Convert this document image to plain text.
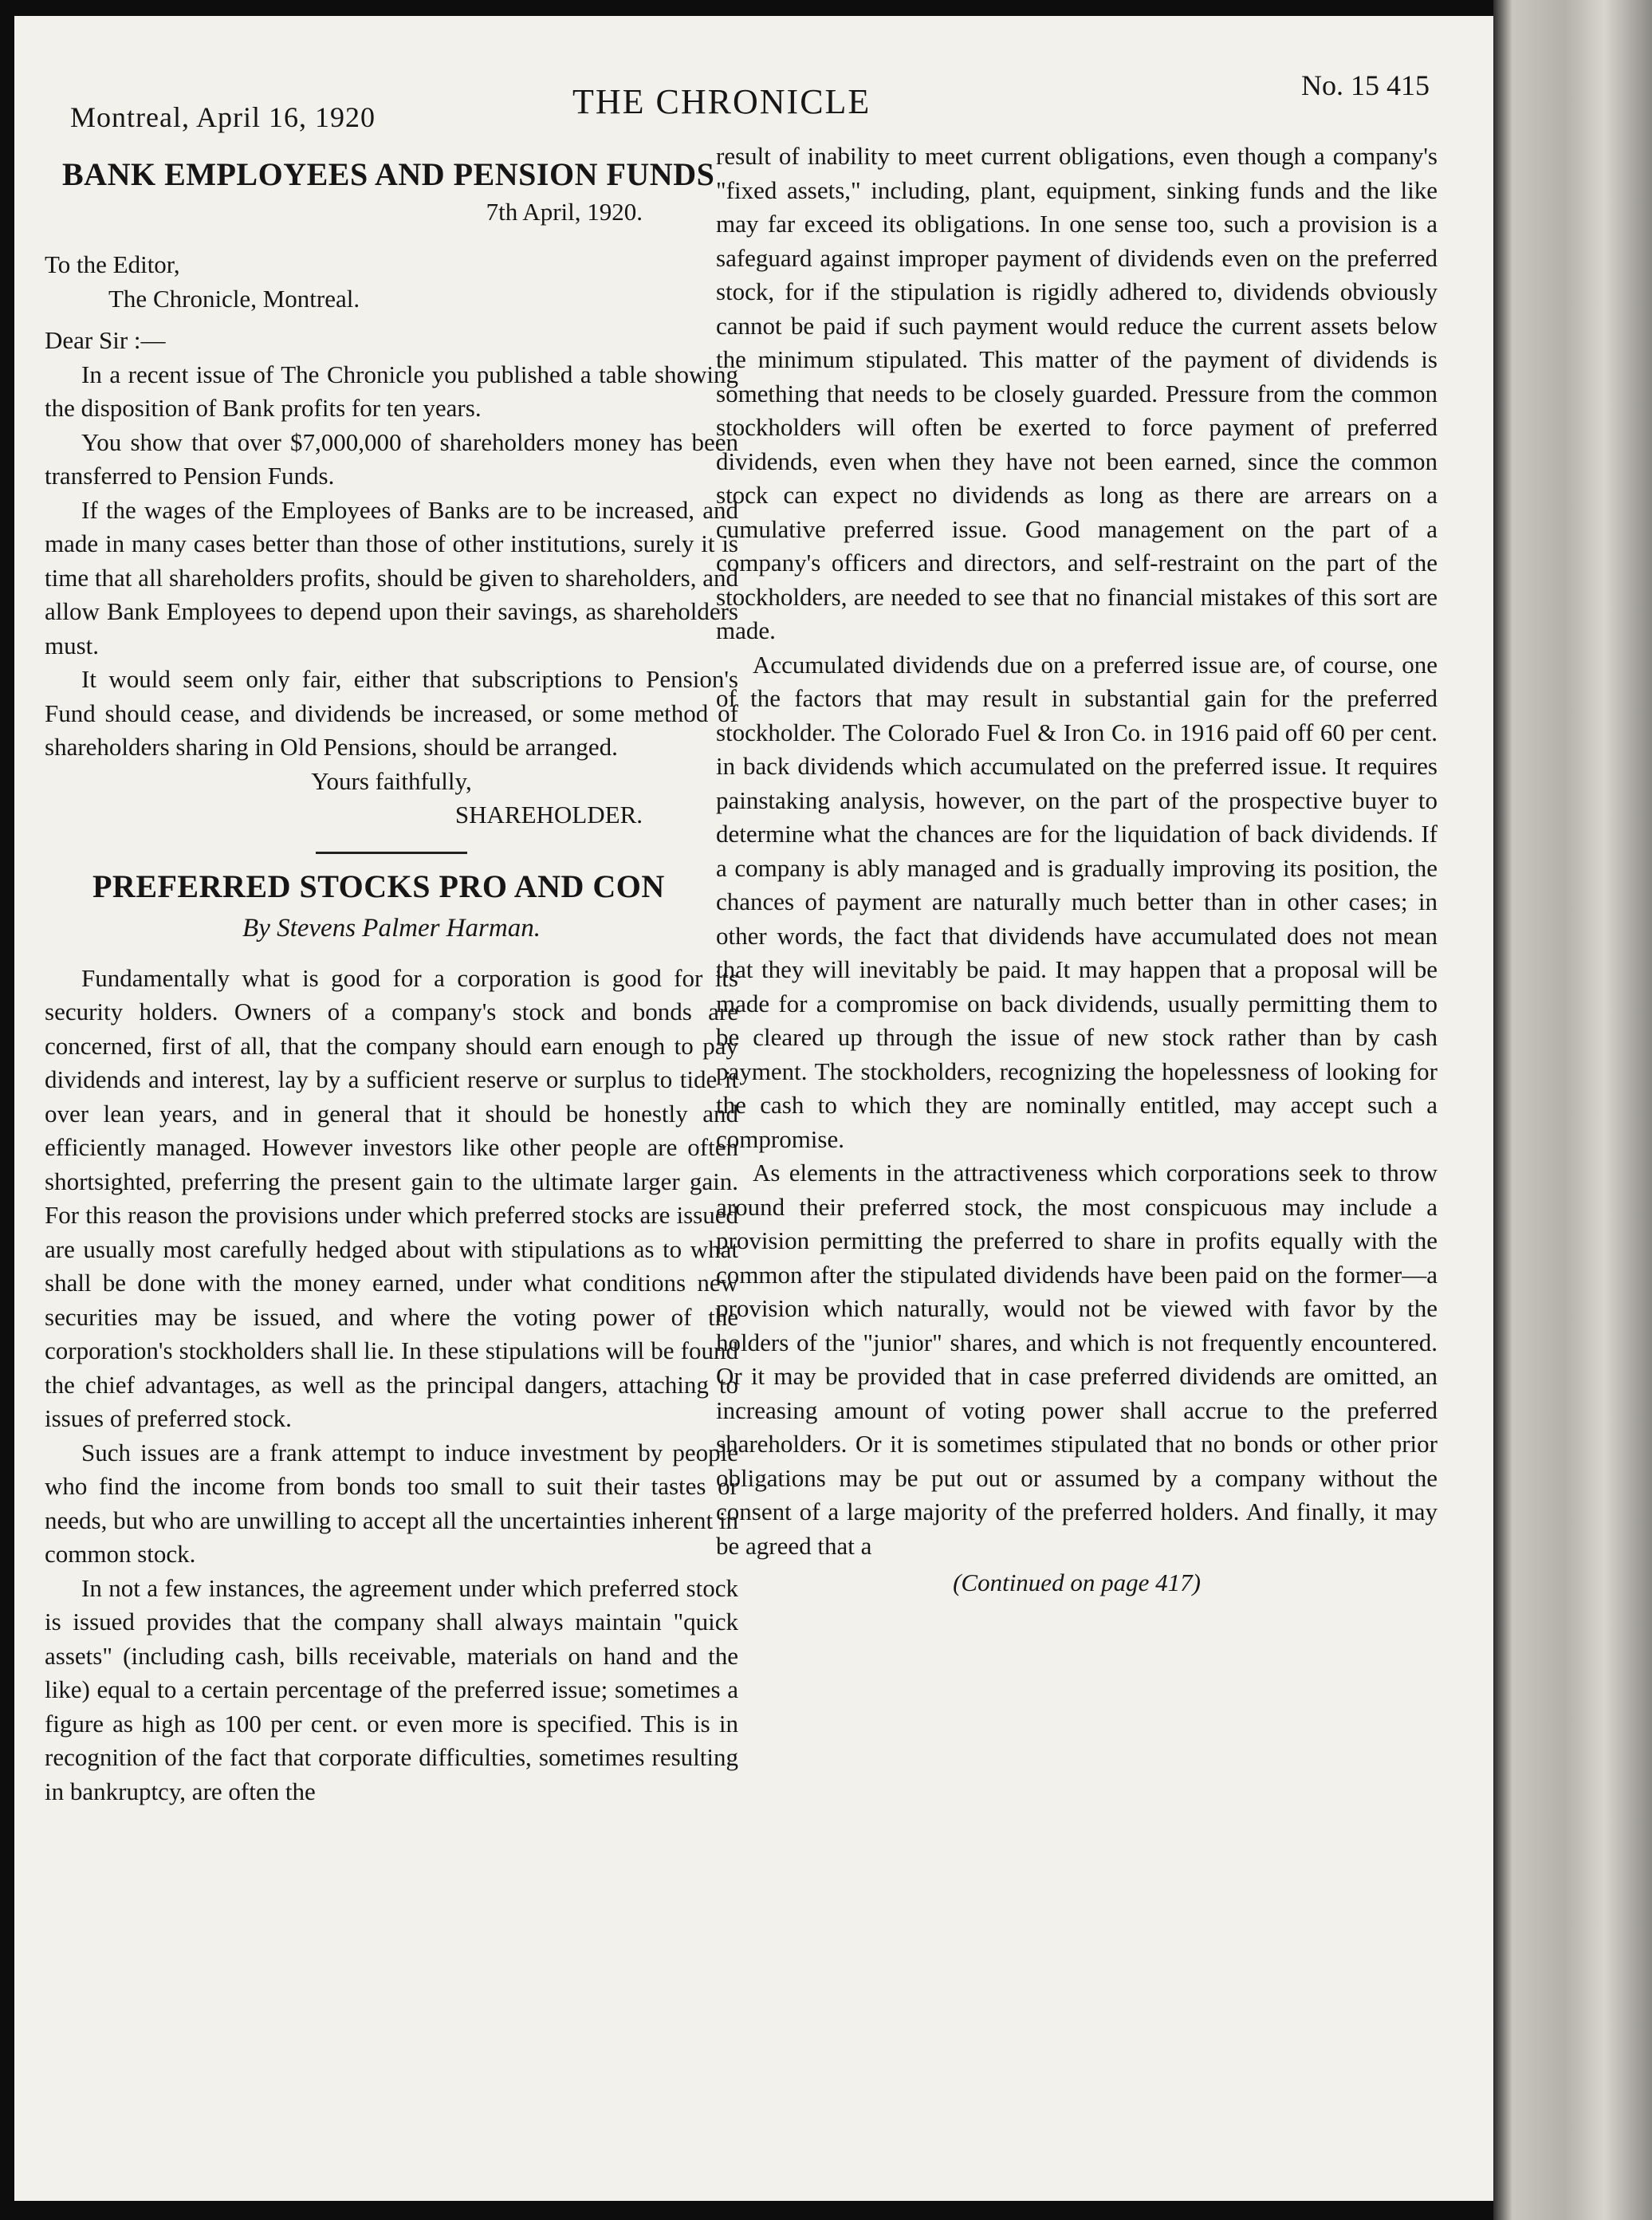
Montreal, April 16, 1920	THE CHRONICLE	No. 15 415
BANK EMPLOYEES AND PENSION FUNDS
7th April, 1920.
To the Editor,
The Chronicle, Montreal.
Dear Sir :—

In a recent issue of The Chronicle you published a table showing the disposition of Bank profits for ten years.

You show that over $7,000,000 of shareholders money has been transferred to Pension Funds.

If the wages of the Employees of Banks are to be increased, and made in many cases better than those of other institutions, surely it is time that all shareholders profits, should be given to shareholders, and allow Bank Employees to depend upon their savings, as shareholders must.

It would seem only fair, either that subscriptions to Pension's Fund should cease, and dividends be increased, or some method of shareholders sharing in Old Pensions, should be arranged.

Yours faithfully,
SHAREHOLDER.
PREFERRED STOCKS PRO AND CON
By Stevens Palmer Harman.

Fundamentally what is good for a corporation is good for its security holders. Owners of a company's stock and bonds are concerned, first of all, that the company should earn enough to pay dividends and interest, lay by a sufficient reserve or surplus to tide it over lean years, and in general that it should be honestly and efficiently managed. However investors like other people are often shortsighted, preferring the present gain to the ultimate larger gain. For this reason the provisions under which preferred stocks are issued are usually most carefully hedged about with stipulations as to what shall be done with the money earned, under what conditions new securities may be issued, and where the voting power of the corporation's stockholders shall lie. In these stipulations will be found the chief advantages, as well as the principal dangers, attaching to issues of preferred stock.

Such issues are a frank attempt to induce investment by people who find the income from bonds too small to suit their tastes or needs, but who are unwilling to accept all the uncertainties inherent in common stock.

In not a few instances, the agreement under which preferred stock is issued provides that the company shall always maintain "quick assets" (including cash, bills receivable, materials on hand and the like) equal to a certain percentage of the preferred issue; sometimes a figure as high as 100 per cent. or even more is specified. This is in recognition of the fact that corporate difficulties, sometimes resulting in bankruptcy, are often the

result of inability to meet current obligations, even though a company's "fixed assets," including, plant, equipment, sinking funds and the like may far exceed its obligations. In one sense too, such a provision is a safeguard against improper payment of dividends even on the preferred stock, for if the stipulation is rigidly adhered to, dividends obviously cannot be paid if such payment would reduce the current assets below the minimum stipulated. This matter of the payment of dividends is something that needs to be closely guarded. Pressure from the common stockholders will often be exerted to force payment of preferred dividends, even when they have not been earned, since the common stock can expect no dividends as long as there are arrears on a cumulative preferred issue. Good management on the part of a company's officers and directors, and self-restraint on the part of the stockholders, are needed to see that no financial mistakes of this sort are made.

Accumulated dividends due on a preferred issue are, of course, one of the factors that may result in substantial gain for the preferred stockholder. The Colorado Fuel & Iron Co. in 1916 paid off 60 per cent. in back dividends which accumulated on the preferred issue. It requires painstaking analysis, however, on the part of the prospective buyer to determine what the chances are for the liquidation of back dividends. If a company is ably managed and is gradually improving its position, the chances of payment are naturally much better than in other cases; in other words, the fact that dividends have accumulated does not mean that they will inevitably be paid. It may happen that a proposal will be made for a compromise on back dividends, usually permitting them to be cleared up through the issue of new stock rather than by cash payment. The stockholders, recognizing the hopelessness of looking for the cash to which they are nominally entitled, may accept such a compromise.

As elements in the attractiveness which corporations seek to throw around their preferred stock, the most conspicuous may include a provision permitting the preferred to share in profits equally with the common after the stipulated dividends have been paid on the former—a provision which naturally, would not be viewed with favor by the holders of the "junior" shares, and which is not frequently encountered. Or it may be provided that in case preferred dividends are omitted, an increasing amount of voting power shall accrue to the preferred shareholders. Or it is sometimes stipulated that no bonds or other prior obligations may be put out or assumed by a company without the consent of a large majority of the preferred holders. And finally, it may be agreed that a

(Continued on page 417)
